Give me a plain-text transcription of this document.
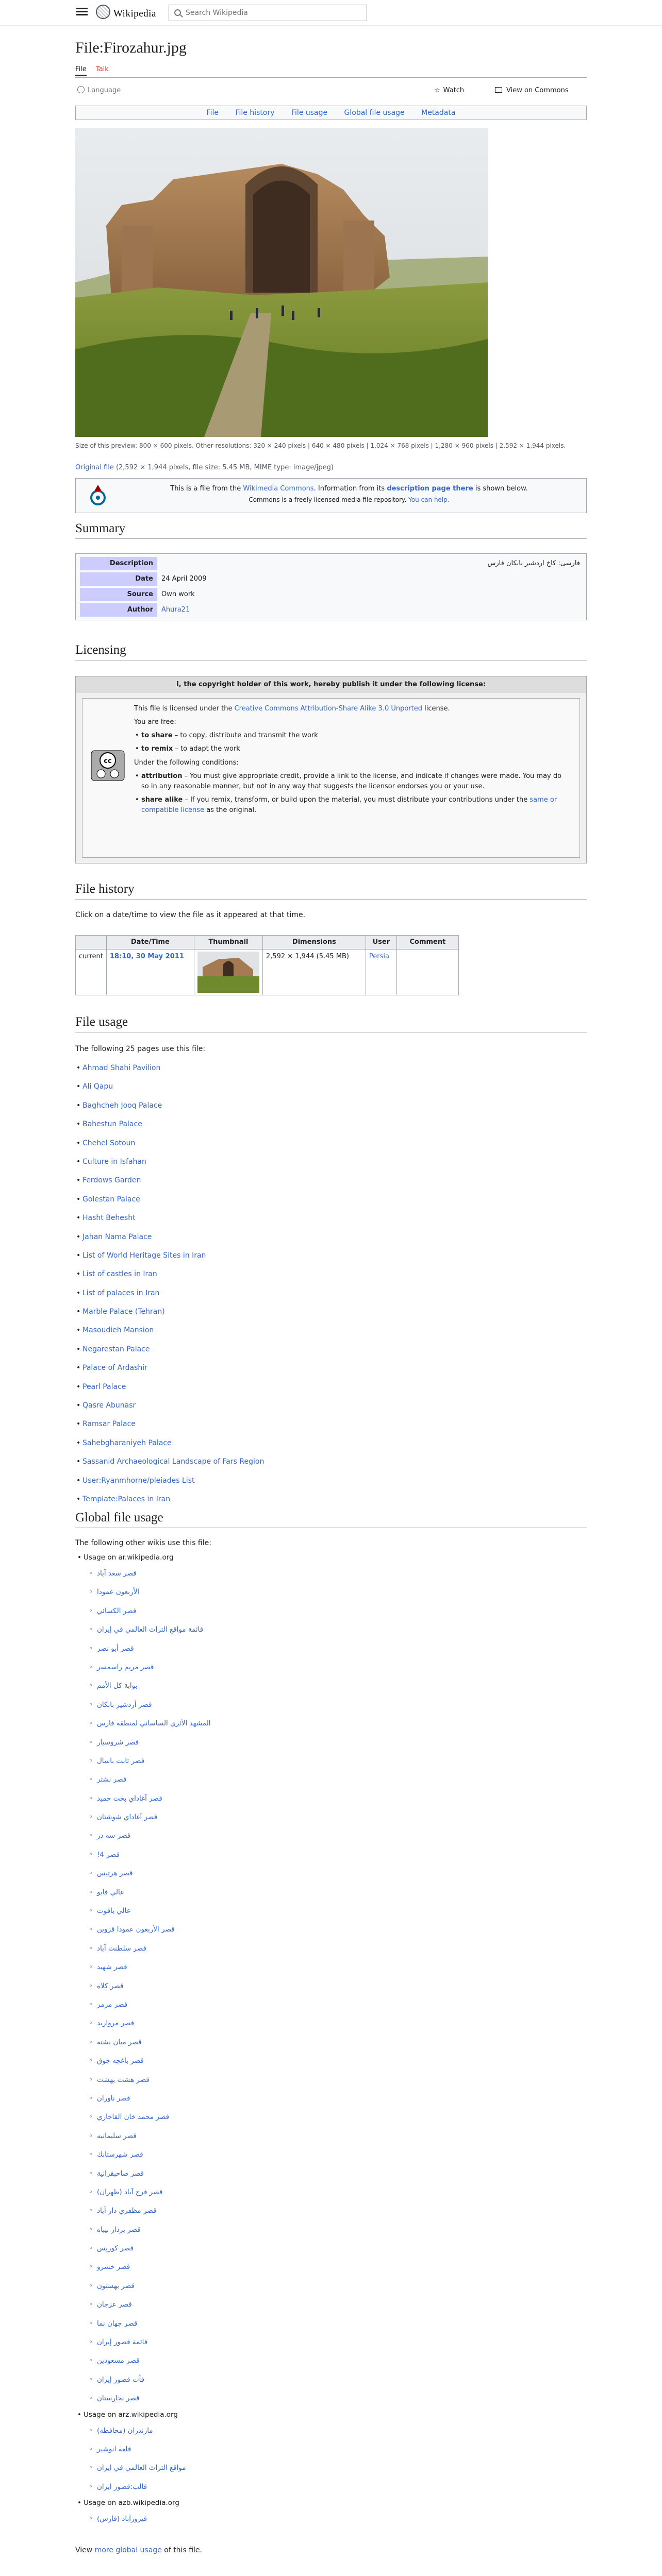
Wikipedia
Search Wikipedia
File:Firozahur.jpg
File Talk
Language	☆ Watch	View on Commons
File File history File usage Global file usage Metadata
Size of this preview: 800 × 600 pixels. Other resolutions: 320 × 240 pixels | 640 × 480 pixels | 1,024 × 768 pixels | 1,280 × 960 pixels | 2,592 × 1,944 pixels.
Original file (2,592 × 1,944 pixels, file size: 5.45 MB, MIME type: image/jpeg)
This is a file from the Wikimedia Commons. Information from its description page there is shown below.
Commons is a freely licensed media file repository. You can help.
Summary
Description	فارسی: کاخ اردشیر بابکان فارس
Date	24 April 2009
Source	Own work
Author	Ahura21
Licensing
I, the copyright holder of this work, hereby publish it under the following license:
cc

This file is licensed under the Creative Commons Attribution-Share Alike 3.0 Unported license.

You are free:

• to share – to copy, distribute and transmit the work
• to remix – to adapt the work

Under the following conditions:

• attribution – You must give appropriate credit, provide a link to the license, and indicate if changes were made. You may do so in any reasonable manner, but not in any way that suggests the licensor endorses you or your use.
• share alike – If you remix, transform, or build upon the material, you must distribute your contributions under the same or compatible license as the original.
File history
Click on a date/time to view the file as it appeared at that time.
	Date/Time	Thumbnail	Dimensions	User	Comment
current	18:10, 30 May 2011		2,592 × 1,944 (5.45 MB)	Persia	
File usage
The following 25 pages use this file:
• Ahmad Shahi Pavilion
• Ali Qapu
• Baghcheh Jooq Palace
• Bahestun Palace
• Chehel Sotoun
• Culture in Isfahan
• Ferdows Garden
• Golestan Palace
• Hasht Behesht
• Jahan Nama Palace
• List of World Heritage Sites in Iran
• List of castles in Iran
• List of palaces in Iran
• Marble Palace (Tehran)
• Masoudieh Mansion
• Negarestan Palace
• Palace of Ardashir
• Pearl Palace
• Qasre Abunasr
• Ramsar Palace
• Sahebgharaniyeh Palace
• Sassanid Archaeological Landscape of Fars Region
• User:Ryanmhorne/pleiades List
• Template:Palaces in Iran
Global file usage
The following other wikis use this file:
• Usage on ar.wikipedia.org
◦ قصر سعد آباد
◦ الأربعون عمودا
◦ قصر الكسائي
◦ قائمة مواقع التراث العالمي في إيران
◦ قصر أبو نصر
◦ قصر مريم راسمسر
◦ بوابة كل الأمم
◦ قصر أردشير بابكان
◦ المشهد الأثري الساساني لمنطقة فارس
◦ قصر شروسيار
◦ قصر ثابت باسال
◦ قصر نشتر
◦ قصر آغاداي بخت حميد
◦ قصر آغاداي شوشتان
◦ قصر سه در
◦ قصر 4!
◦ قصر هرتيس
◦ عالي قابو
◦ عالي ياقوت
◦ قصر الأربعون عمودا قزوين
◦ قصر سلطنت آباد
◦ قصر شهيد
◦ قصر كلاه
◦ قصر مرمر
◦ قصر مروارید
◦ قصر ميان بشته
◦ قصر باغچه جوق
◦ قصر هشت بهشت
◦ قصر ناوران
◦ قصر محمد خان القاجاري
◦ قصر سلیمانیه
◦ قصر شهرستانك
◦ قصر صاحبقرانية
◦ قصر فرح آباد (طهران)
◦ قصر مظفري دار آباد
◦ قصر برداز نيباه
◦ قصر كوريس
◦ قصر خسرو
◦ قصر بهستون
◦ قصر عزجان
◦ قصر جهان نما
◦ قائمة قصور إيران
◦ قصر مسعودين
◦ فأت قصور إيران
◦ قصر نجارستان
• Usage on arz.wikipedia.org
◦ مازندران (محافظه)
◦ قلعة انوشیر
◦ مواقع التراث العالمي في ايران
◦ قالب:قصور ايران
• Usage on azb.wikipedia.org
◦ فیروزآباد (فارس)
View more global usage of this file.
